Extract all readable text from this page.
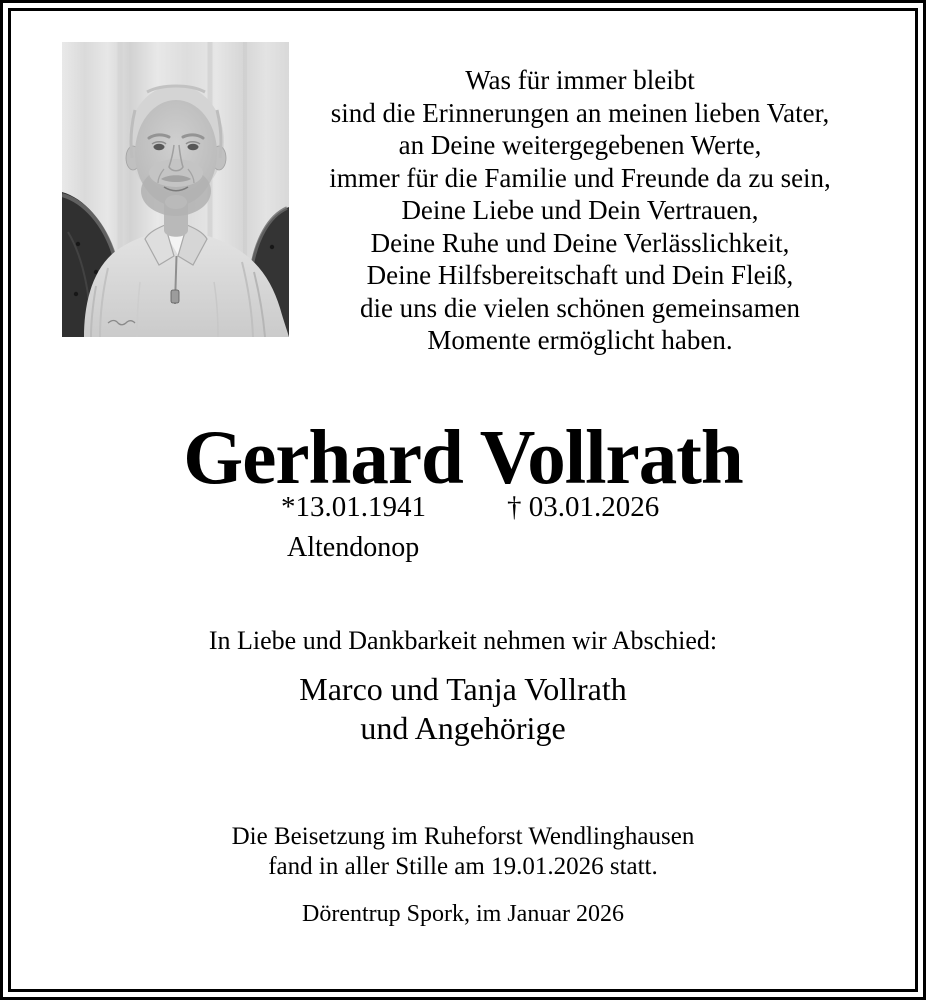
Was für immer bleibt
sind die Erinnerungen an meinen lieben Vater,
an Deine weitergegebenen Werte,
immer für die Familie und Freunde da zu sein,
Deine Liebe und Dein Vertrauen,
Deine Ruhe und Deine Verlässlichkeit,
Deine Hilfsbereitschaft und Dein Fleiß,
die uns die vielen schönen gemeinsamen
Momente ermöglicht haben.
Gerhard Vollrath
*13.01.1941	† 03.01.2026
Altendonop
In Liebe und Dankbarkeit nehmen wir Abschied:
Marco und Tanja Vollrath
und Angehörige
Die Beisetzung im Ruheforst Wendlinghausen
fand in aller Stille am 19.01.2026 statt.
Dörentrup Spork, im Januar 2026
